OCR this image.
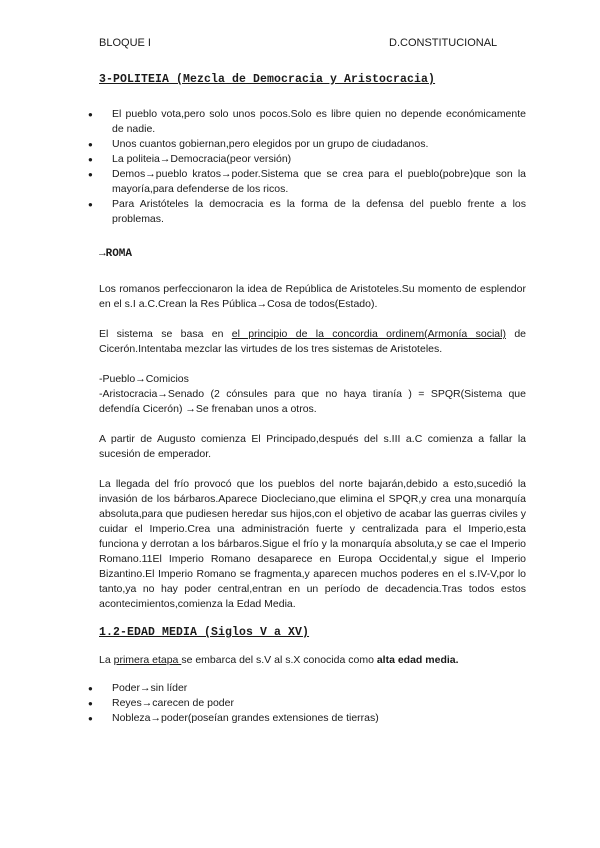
BLOQUE I	D.CONSTITUCIONAL
3-POLITEIA (Mezcla de Democracia y Aristocracia)
● El pueblo vota,pero solo unos pocos.Solo es libre quien no depende económicamente de nadie.
● Unos cuantos gobiernan,pero elegidos por un grupo de ciudadanos.
● La politeia→Democracia(peor versión)
● Demos→pueblo kratos→poder.Sistema que se crea para el pueblo(pobre)que son la mayoría,para defenderse de los ricos.
● Para Aristóteles la democracia es la forma de la defensa del pueblo frente a los problemas.
→ROMA

Los romanos perfeccionaron la idea de República de Aristoteles.Su momento de esplendor en el s.I a.C.Crean la Res Pública→Cosa de todos(Estado).

El sistema se basa en el principio de la concordia ordinem(Armonía social) de Cicerón.Intentaba mezclar las virtudes de los tres sistemas de Aristoteles.

-Pueblo→Comicios

-Aristocracia→Senado (2 cónsules para que no haya tiranía ) = SPQR(Sistema que defendía Cicerón) →Se frenaban unos a otros.

A partir de Augusto comienza El Principado,después del s.III a.C comienza a fallar la sucesión de emperador.

La llegada del frío provocó que los pueblos del norte bajarán,debido a esto,sucedió la invasión de los bárbaros.Aparece Diocleciano,que elimina el SPQR,y crea una monarquía absoluta,para que pudiesen heredar sus hijos,con el objetivo de acabar las guerras civiles y cuidar el Imperio.Crea una administración fuerte y centralizada para el Imperio,esta funciona y derrotan a los bárbaros.Sigue el frío y la monarquía absoluta,y se cae el Imperio Romano.11El Imperio Romano desaparece en Europa Occidental,y sigue el Imperio Bizantino.El Imperio Romano se fragmenta,y aparecen muchos poderes en el s.IV-V,por lo tanto,ya no hay poder central,entran en un período de decadencia.Tras todos estos acontecimientos,comienza la Edad Media.

1.2-EDAD MEDIA (Siglos V a XV)

La primera etapa se embarca del s.V al s.X conocida como alta edad media.

● Poder→sin líder
● Reyes→carecen de poder
● Nobleza→poder(poseían grandes extensiones de tierras)
